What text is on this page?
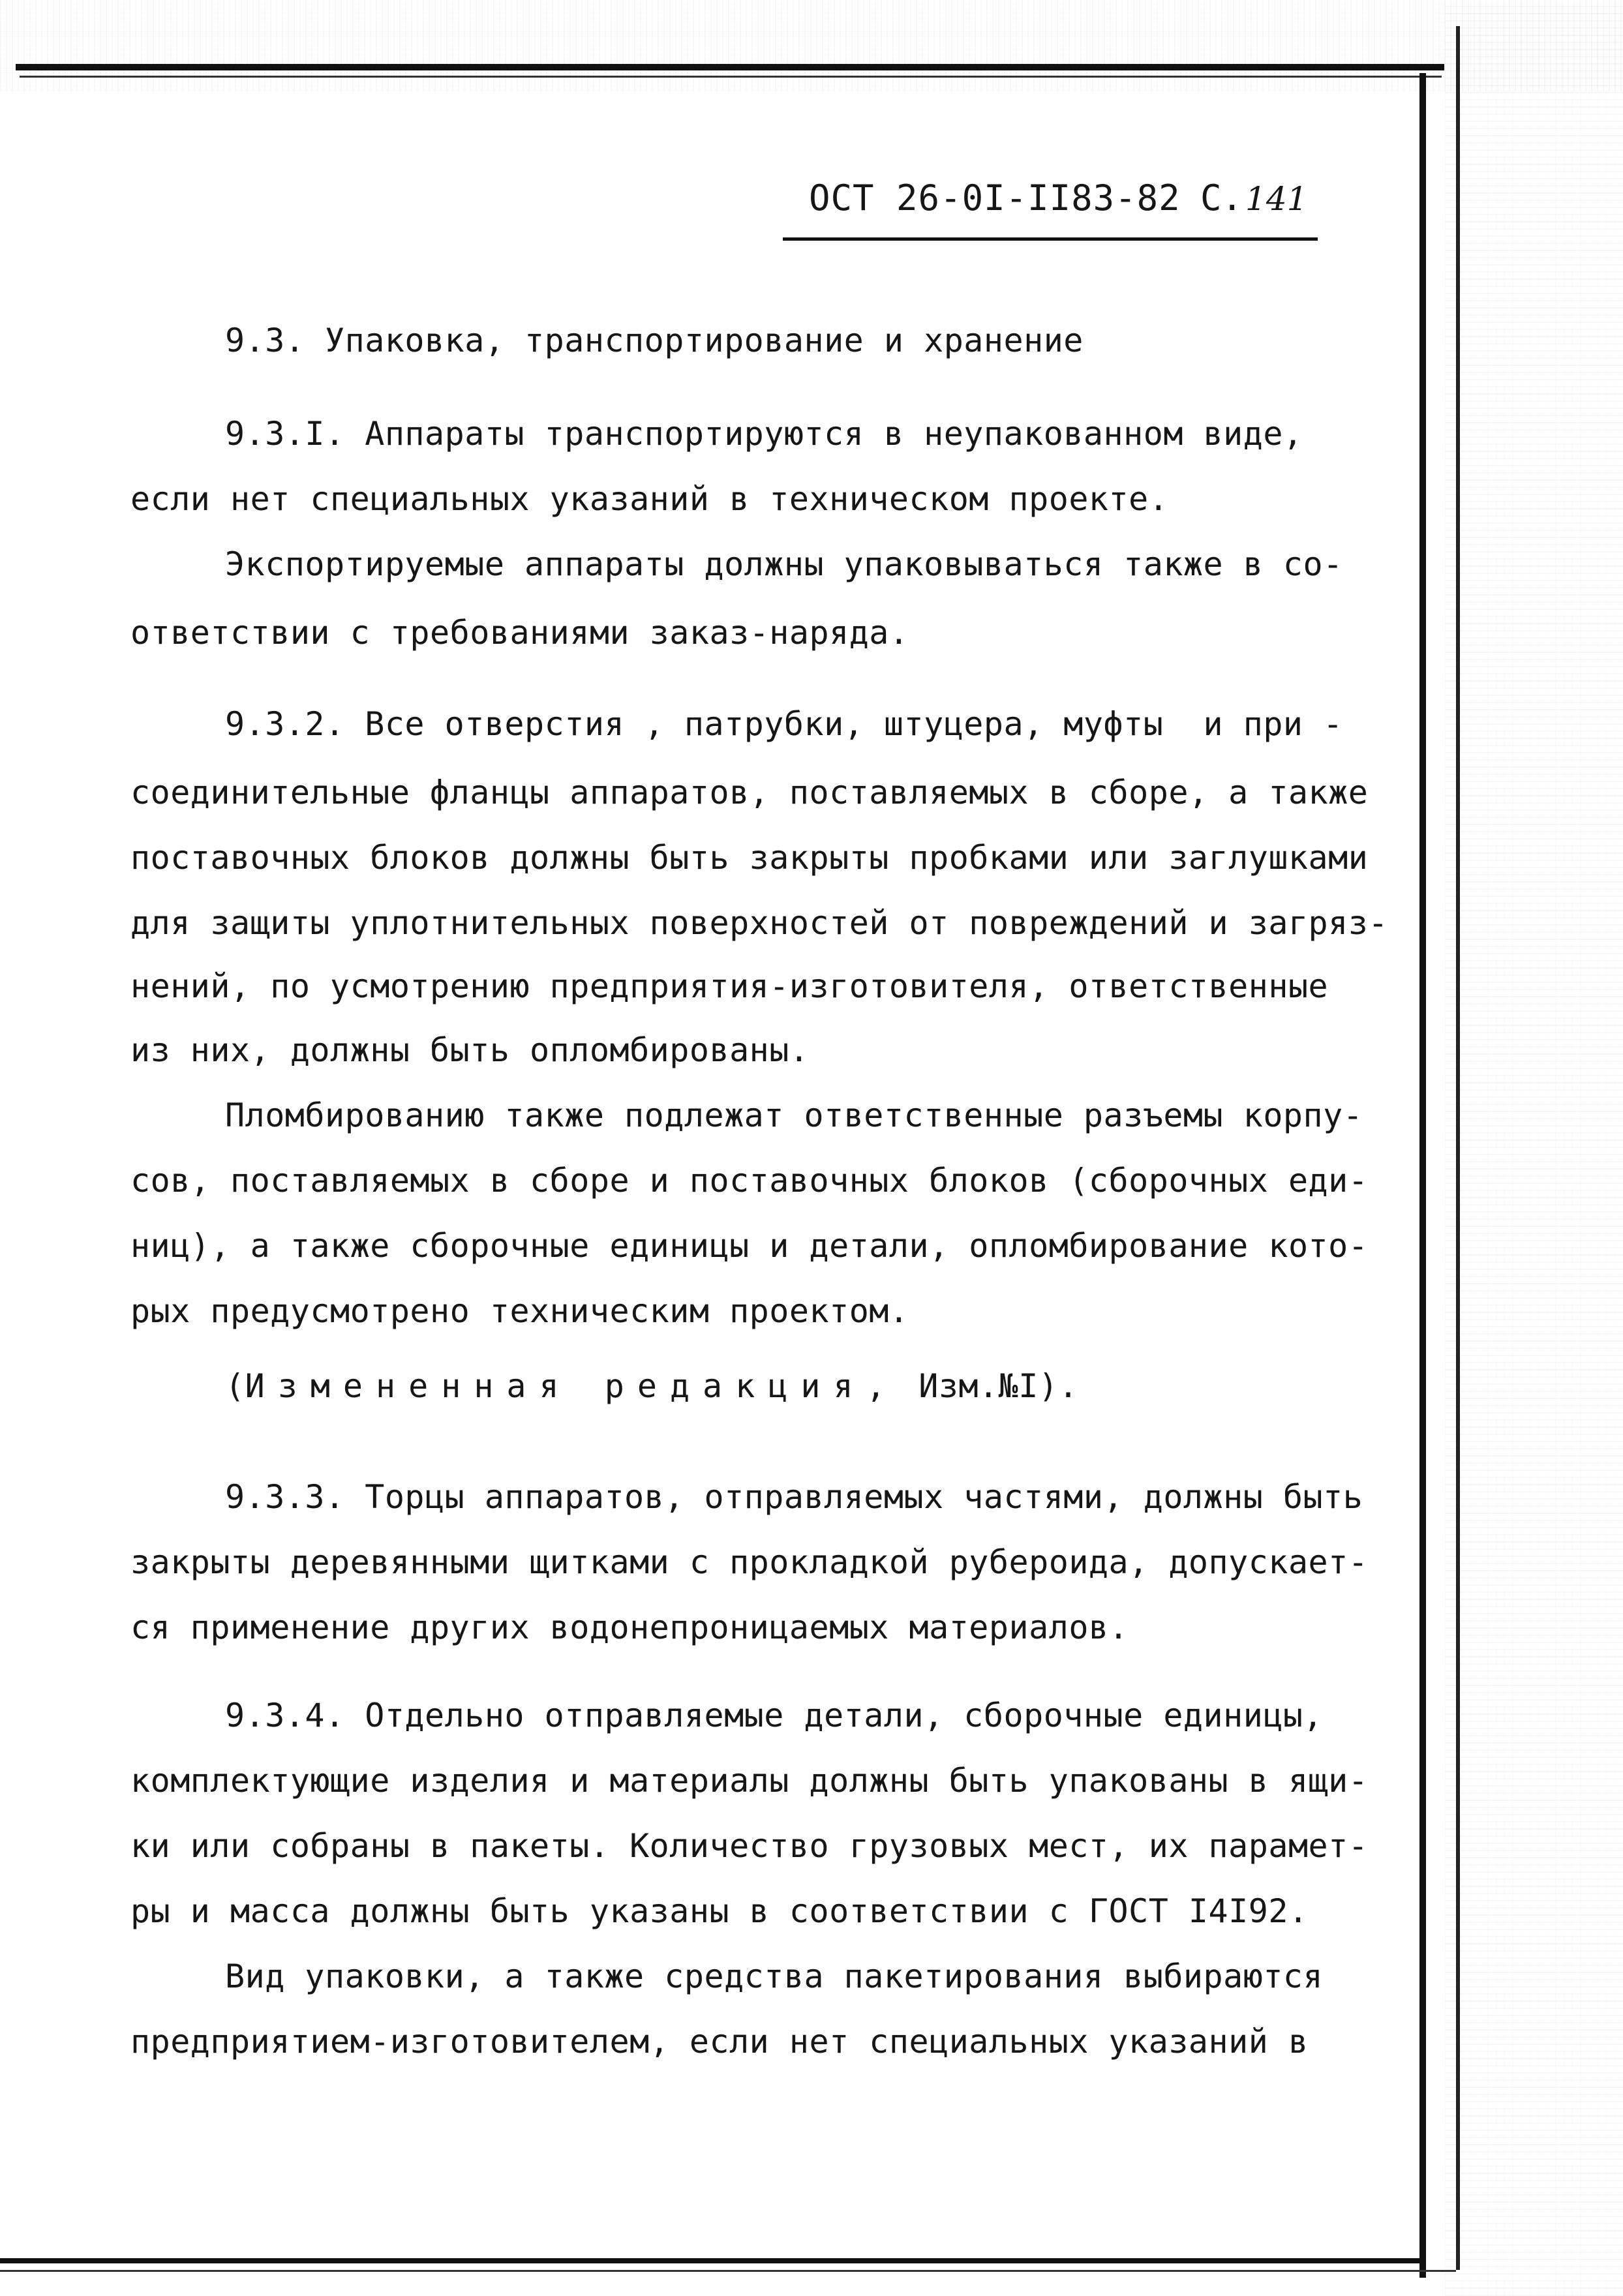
ОСТ 26-0I-II83-82 С.141
9.3. Упаковка, транспортирование и хранение
9.3.I. Аппараты транспортируются в неупакованном виде,
если нет специальных указаний в техническом проекте.
Экспортируемые аппараты должны упаковываться также в со-
ответствии с требованиями заказ-наряда.
9.3.2. Все отверстия , патрубки, штуцера, муфты  и при -
соединительные фланцы аппаратов, поставляемых в сборе, а также
поставочных блоков должны быть закрыты пробками или заглушками
для защиты уплотнительных поверхностей от повреждений и загряз-
нений, по усмотрению предприятия-изготовителя, ответственные
из них, должны быть опломбированы.
Пломбированию также подлежат ответственные разъемы корпу-
сов, поставляемых в сборе и поставочных блоков (сборочных еди-
ниц), а также сборочные единицы и детали, опломбирование кото-
рых предусмотрено техническим проектом.
(Измененная редакция, Изм.№I).
9.3.3. Торцы аппаратов, отправляемых частями, должны быть
закрыты деревянными щитками с прокладкой рубероида, допускает-
ся применение других водонепроницаемых материалов.
9.3.4. Отдельно отправляемые детали, сборочные единицы,
комплектующие изделия и материалы должны быть упакованы в ящи-
ки или собраны в пакеты. Количество грузовых мест, их парамет-
ры и масса должны быть указаны в соответствии с ГОСТ I4I92.
Вид упаковки, а также средства пакетирования выбираются
предприятием-изготовителем, если нет специальных указаний в
